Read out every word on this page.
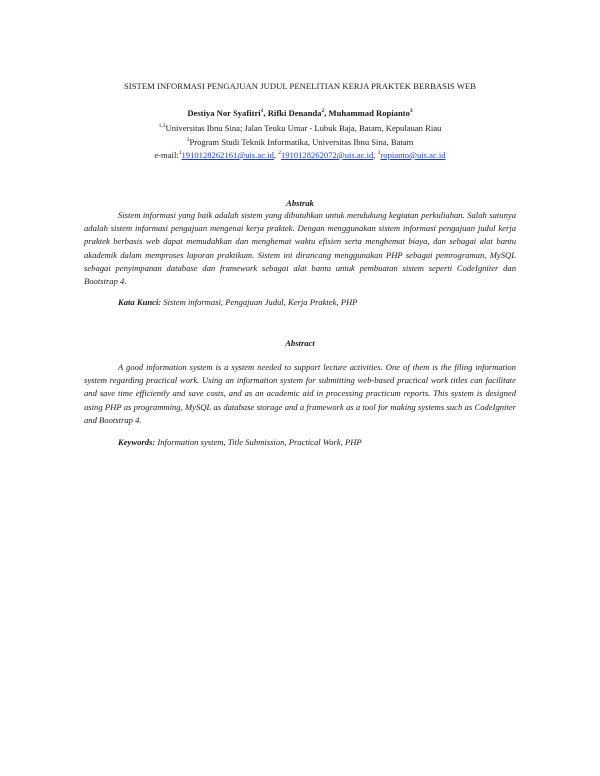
SISTEM INFORMASI PENGAJUAN JUDUL PENELITIAN KERJA PRAKTEK BERBASIS WEB
Destiya Nor Syafitri$^1$, Rifki Denanda$^2$, Muhammad Ropianto$^3$
$^{1,2}$Universitas Ibnu Sina; Jalan Teuku Umar - Lubuk Baja, Batam, Kepulauan Riau
$^3$Program Studi Teknik Informatika, Universitas Ibnu Sina, Batam
e-mail:$^1$1910128262161@uis.ac.id, $^2$1910128262072@uis.ac.id, $^3$ropianto@uis.ac.id
Abstrak

Sistem informasi yang baik adalah sistem yang dibutuhkan untuk mendukung kegiatan perkuliahan. Salah satunya adalah sistem informasi pengajuan mengenai kerja praktek. Dengan menggunakan sistem informasi pengajuan judul kerja praktek berbasis web dapat memudahkan dan menghemat waktu efisien serta menghemat biaya, dan sebagai alat bantu akademik dalam memproses laporan praktikum. Sistem ini dirancang menggunakan PHP sebagai pemrograman, MySQL sebagai penyimpanan database dan framework sebagai alat bantu untuk pembuatan sistem seperti CodeIgniter dan Bootstrap 4.

Kata Kunci: Sistem informasi, Pengajuan Judul, Kerja Praktek, PHP

Abstract

A good information system is a system needed to support lecture activities. One of them is the filing information system regarding practical work. Using an information system for submitting web-based practical work titles can facilitate and save time efficiently and save costs, and as an academic aid in processing practicum reports. This system is designed using PHP as programming, MySQL as database storage and a framework as a tool for making systems such as CodeIgniter and Bootstrap 4.

Keywords: Information system, Title Submission, Practical Work, PHP
